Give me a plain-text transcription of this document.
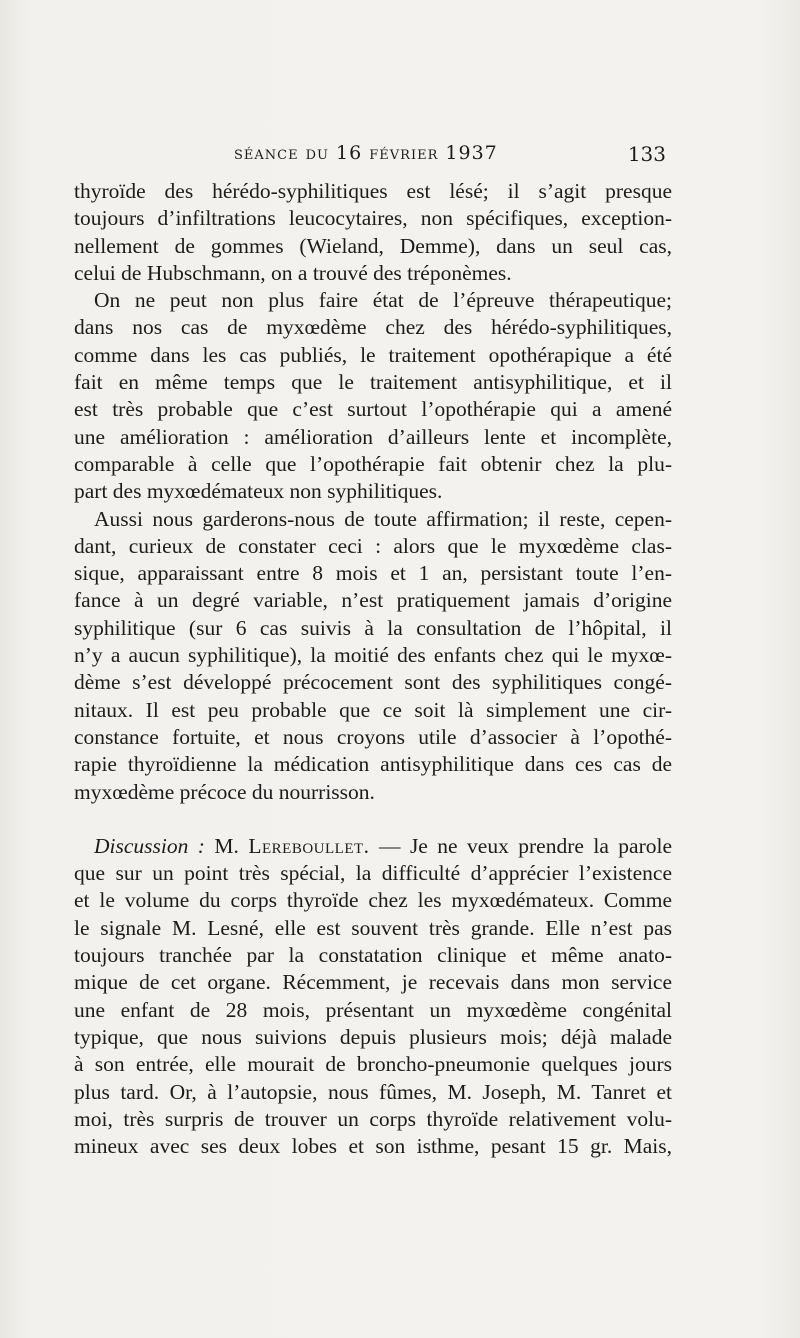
séance du 16 février 1937	133
thyroïde des hérédo-syphilitiques est lésé; il s’agit presque
toujours d’infiltrations leucocytaires, non spécifiques, exception-
nellement de gommes (Wieland, Demme), dans un seul cas,
celui de Hubschmann, on a trouvé des tréponèmes.
On ne peut non plus faire état de l’épreuve thérapeutique;
dans nos cas de myxœdème chez des hérédo-syphilitiques,
comme dans les cas publiés, le traitement opothérapique a été
fait en même temps que le traitement antisyphilitique, et il
est très probable que c’est surtout l’opothérapie qui a amené
une amélioration : amélioration d’ailleurs lente et incomplète,
comparable à celle que l’opothérapie fait obtenir chez la plu-
part des myxœdémateux non syphilitiques.
Aussi nous garderons-nous de toute affirmation; il reste, cepen-
dant, curieux de constater ceci : alors que le myxœdème clas-
sique, apparaissant entre 8 mois et 1 an, persistant toute l’en-
fance à un degré variable, n’est pratiquement jamais d’origine
syphilitique (sur 6 cas suivis à la consultation de l’hôpital, il
n’y a aucun syphilitique), la moitié des enfants chez qui le myxœ-
dème s’est développé précocement sont des syphilitiques congé-
nitaux. Il est peu probable que ce soit là simplement une cir-
constance fortuite, et nous croyons utile d’associer à l’opothé-
rapie thyroïdienne la médication antisyphilitique dans ces cas de
myxœdème précoce du nourrisson.
Discussion : M. Lereboullet. — Je ne veux prendre la parole
que sur un point très spécial, la difficulté d’apprécier l’existence
et le volume du corps thyroïde chez les myxœdémateux. Comme
le signale M. Lesné, elle est souvent très grande. Elle n’est pas
toujours tranchée par la constatation clinique et même anato-
mique de cet organe. Récemment, je recevais dans mon service
une enfant de 28 mois, présentant un myxœdème congénital
typique, que nous suivions depuis plusieurs mois; déjà malade
à son entrée, elle mourait de broncho-pneumonie quelques jours
plus tard. Or, à l’autopsie, nous fûmes, M. Joseph, M. Tanret et
moi, très surpris de trouver un corps thyroïde relativement volu-
mineux avec ses deux lobes et son isthme, pesant 15 gr. Mais,
